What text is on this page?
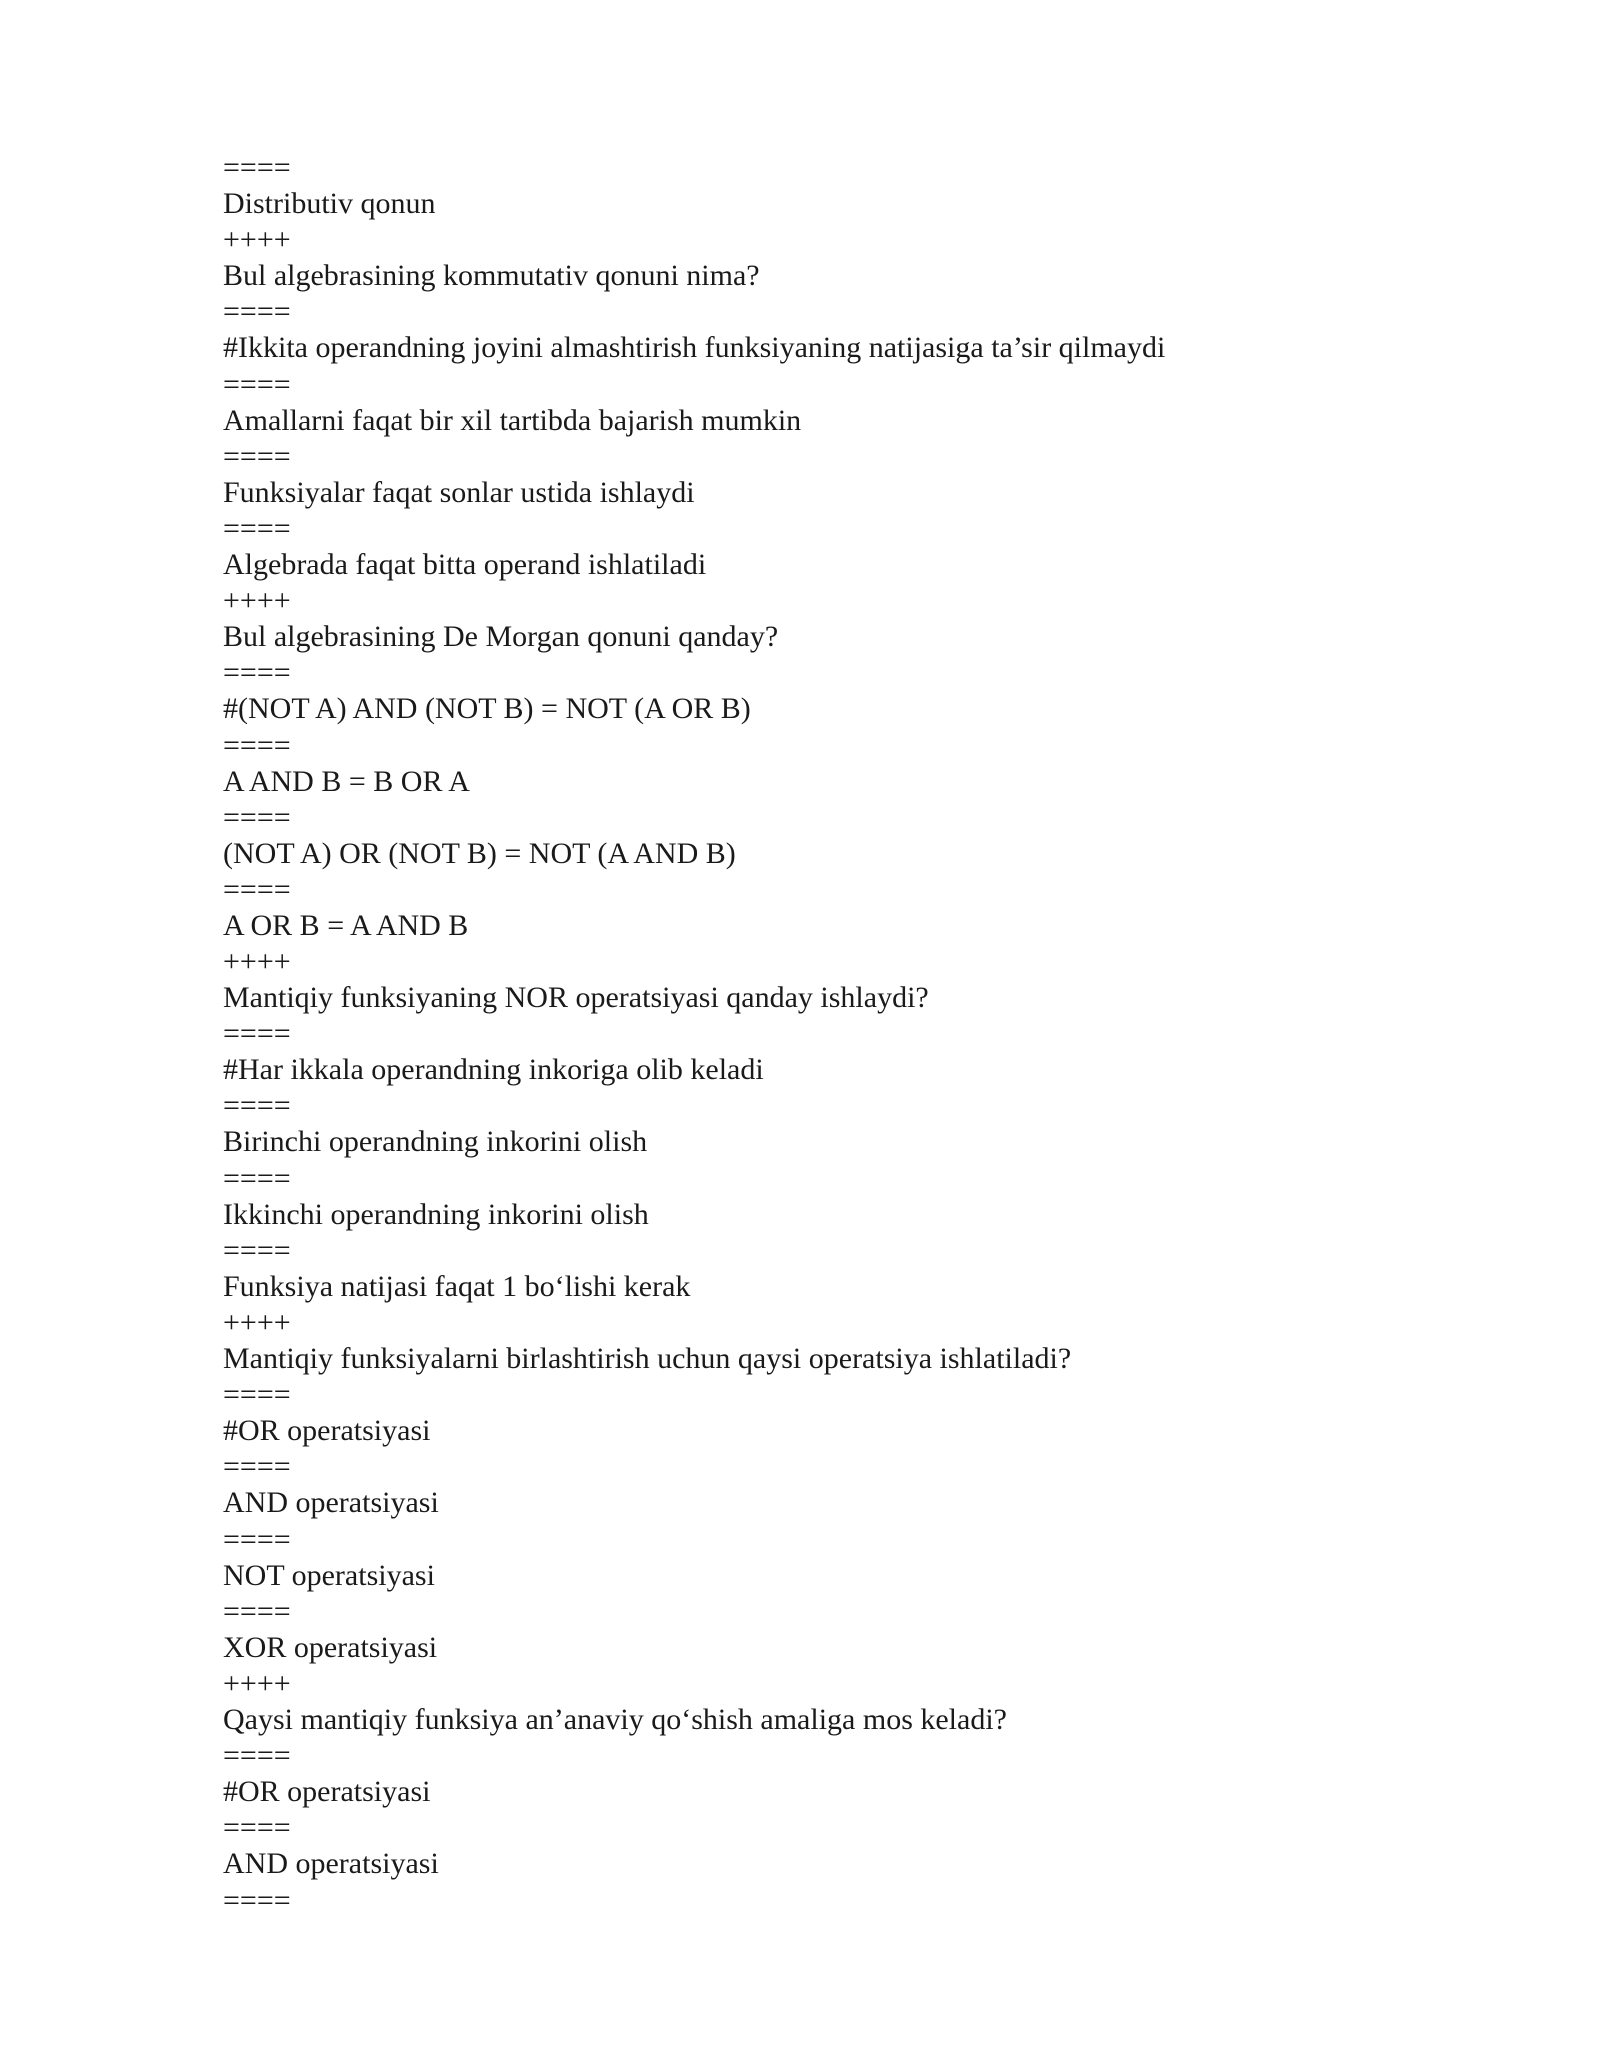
====
Distributiv qonun
++++
Bul algebrasining kommutativ qonuni nima?
====
#Ikkita operandning joyini almashtirish funksiyaning natijasiga ta’sir qilmaydi
====
Amallarni faqat bir xil tartibda bajarish mumkin
====
Funksiyalar faqat sonlar ustida ishlaydi
====
Algebrada faqat bitta operand ishlatiladi
++++
Bul algebrasining De Morgan qonuni qanday?
====
#(NOT A) AND (NOT B) = NOT (A OR B)
====
A AND B = B OR A
====
(NOT A) OR (NOT B) = NOT (A AND B)
====
A OR B = A AND B
++++
Mantiqiy funksiyaning NOR operatsiyasi qanday ishlaydi?
====
#Har ikkala operandning inkoriga olib keladi
====
Birinchi operandning inkorini olish
====
Ikkinchi operandning inkorini olish
====
Funksiya natijasi faqat 1 bo‘lishi kerak
++++
Mantiqiy funksiyalarni birlashtirish uchun qaysi operatsiya ishlatiladi?
====
#OR operatsiyasi
====
AND operatsiyasi
====
NOT operatsiyasi
====
XOR operatsiyasi
++++
Qaysi mantiqiy funksiya an’anaviy qo‘shish amaliga mos keladi?
====
#OR operatsiyasi
====
AND operatsiyasi
====
